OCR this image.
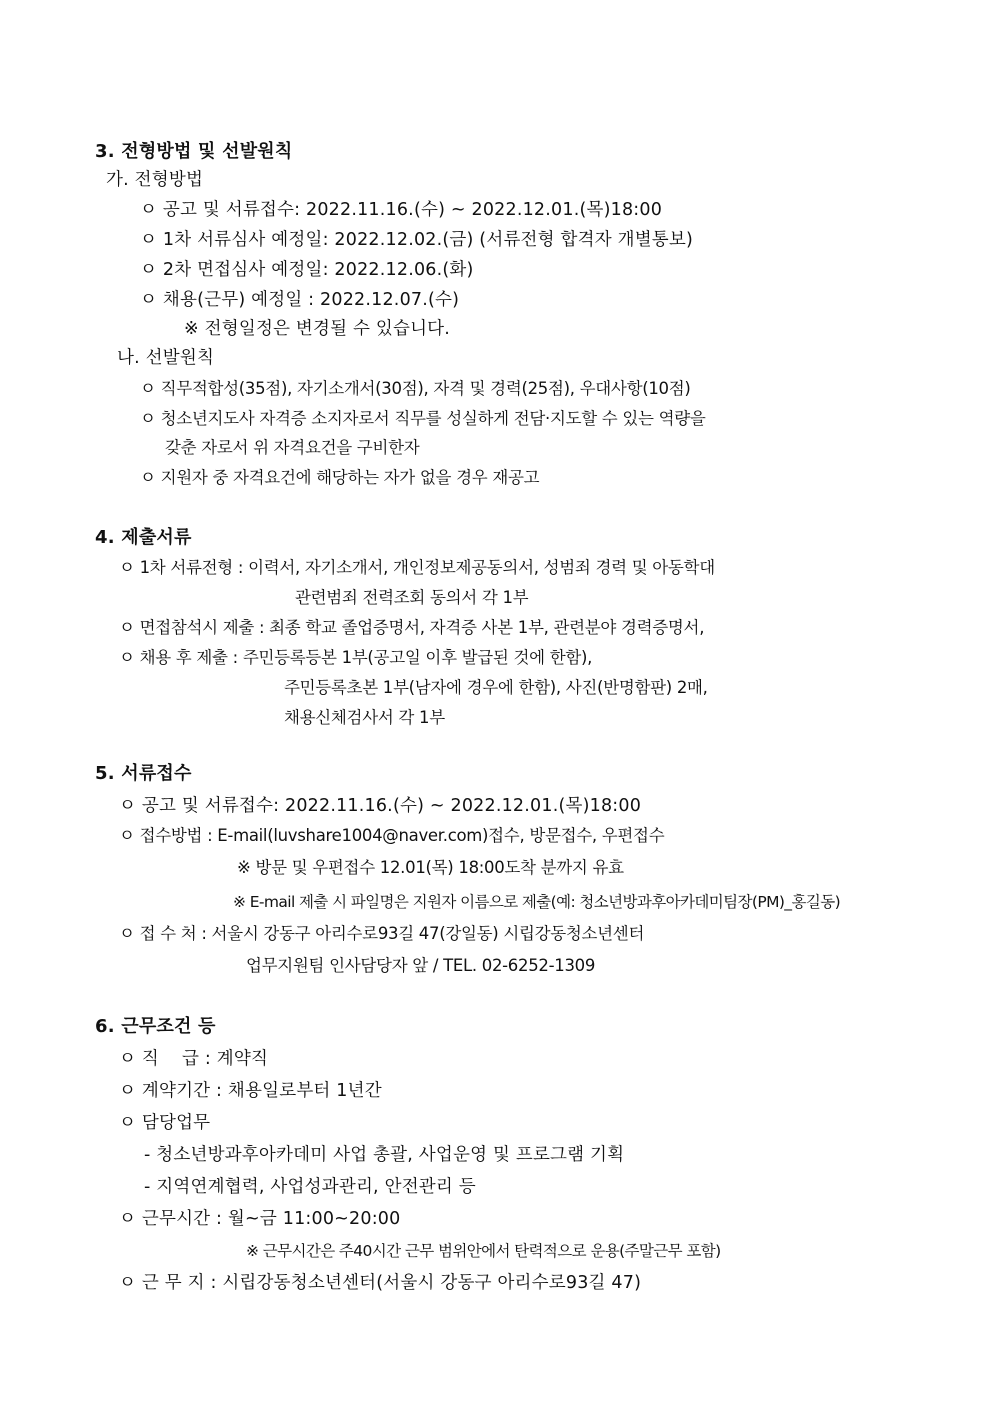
3. 전형방법 및 선발원칙
가. 전형방법
ㅇ 공고 및 서류접수: 2022.11.16.(수) ~ 2022.12.01.(목)18:00
ㅇ 1차 서류심사 예정일: 2022.12.02.(금) (서류전형 합격자 개별통보)
ㅇ 2차 면접심사 예정일: 2022.12.06.(화)
ㅇ 채용(근무) 예정일 : 2022.12.07.(수)
※ 전형일정은 변경될 수 있습니다.
나. 선발원칙
ㅇ 직무적합성(35점), 자기소개서(30점), 자격 및 경력(25점), 우대사항(10점)
ㅇ 청소년지도사 자격증 소지자로서 직무를 성실하게 전담·지도할 수 있는 역량을
갖춘 자로서 위 자격요건을 구비한자
ㅇ 지원자 중 자격요건에 해당하는 자가 없을 경우 재공고
4. 제출서류
ㅇ 1차 서류전형 : 이력서, 자기소개서, 개인정보제공동의서, 성범죄 경력 및 아동학대
관련범죄 전력조회 동의서 각 1부
ㅇ 면접참석시 제출 : 최종 학교 졸업증명서, 자격증 사본 1부, 관련분야 경력증명서,
ㅇ 채용 후 제출 : 주민등록등본 1부(공고일 이후 발급된 것에 한함),
주민등록초본 1부(남자에 경우에 한함), 사진(반명함판) 2매,
채용신체검사서 각 1부
5. 서류접수
ㅇ 공고 및 서류접수: 2022.11.16.(수) ~ 2022.12.01.(목)18:00
ㅇ 접수방법 : E-mail(luvshare1004@naver.com)접수, 방문접수, 우편접수
※ 방문 및 우편접수 12.01(목) 18:00도착 분까지 유효
※ E-mail 제출 시 파일명은 지원자 이름으로 제출(예: 청소년방과후아카데미팀장(PM)_홍길동)
ㅇ 접 수 처 : 서울시 강동구 아리수로93길 47(강일동) 시립강동청소년센터
업무지원팀 인사담당자 앞 / TEL. 02-6252-1309
6. 근무조건 등
ㅇ 직    급 : 계약직
ㅇ 계약기간 : 채용일로부터 1년간
ㅇ 담당업무
- 청소년방과후아카데미 사업 총괄, 사업운영 및 프로그램 기획
- 지역연계협력, 사업성과관리, 안전관리 등
ㅇ 근무시간 : 월~금 11:00~20:00
※ 근무시간은 주40시간 근무 범위안에서 탄력적으로 운용(주말근무 포함)
ㅇ 근 무 지 : 시립강동청소년센터(서울시 강동구 아리수로93길 47)
